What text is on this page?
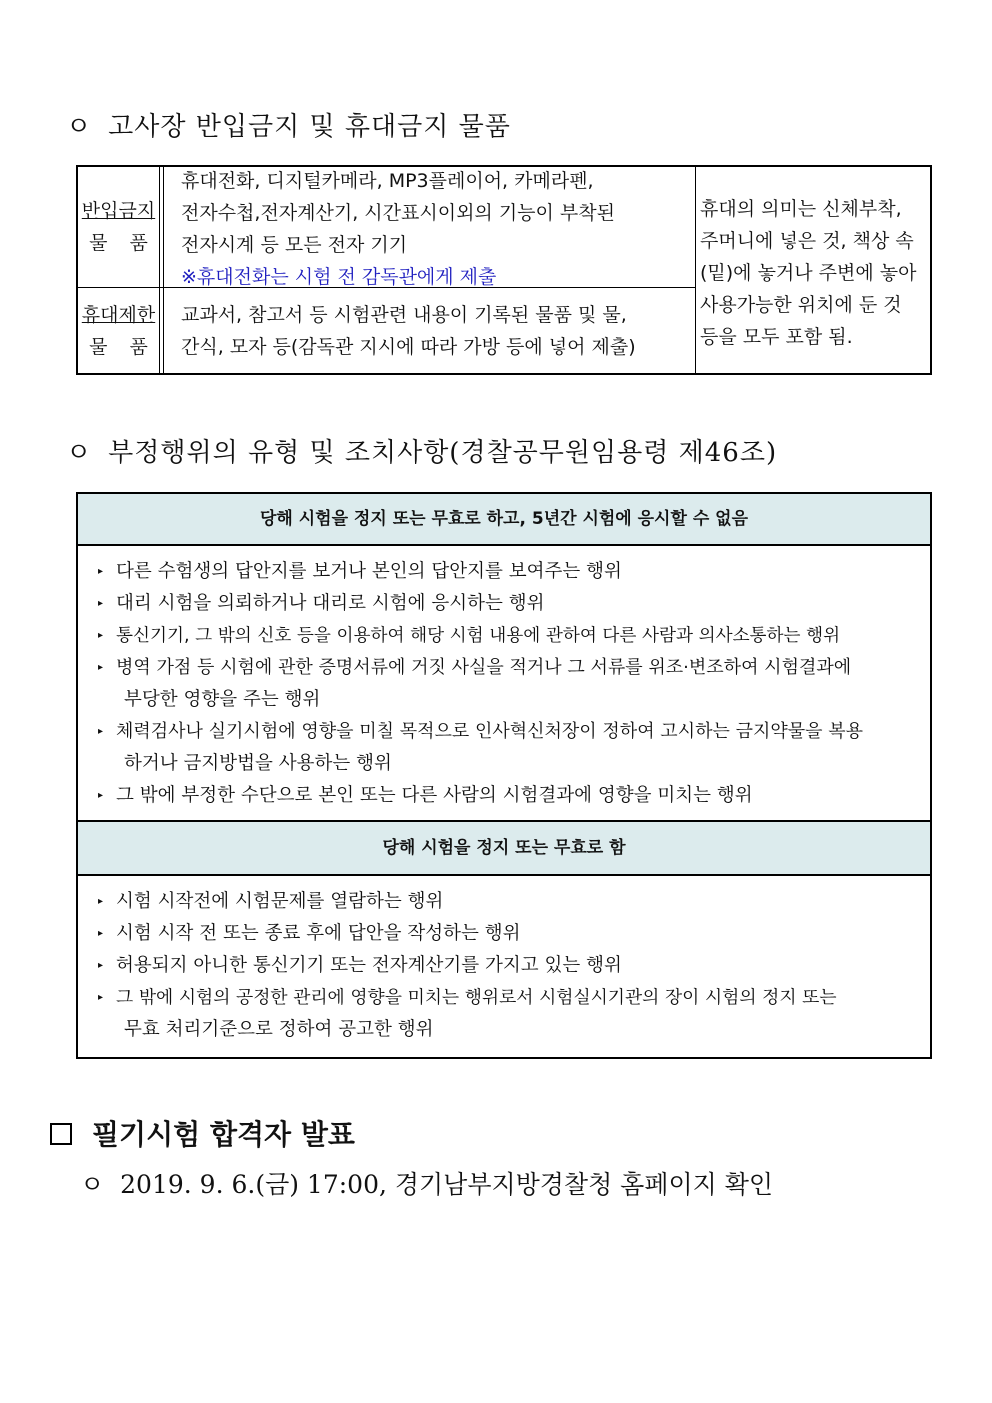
ㅇ 고사장 반입금지 및 휴대금지 물품
반입금지
물품
휴대전화, 디지털카메라, MP3플레이어, 카메라펜,
전자수첩,전자계산기, 시간표시이외의 기능이 부착된
전자시계 등 모든 전자 기기
※휴대전화는 시험 전 감독관에게 제출
휴대제한
물품
교과서, 참고서 등 시험관련 내용이 기록된 물품 및 물,
간식, 모자 등(감독관 지시에 따라 가방 등에 넣어 제출)
휴대의 의미는 신체부착,
주머니에 넣은 것, 책상 속
(밑)에 놓거나 주변에 놓아
사용가능한 위치에 둔 것
등을 모두 포함 됨.
ㅇ 부정행위의 유형 및 조치사항(경찰공무원임용령 제46조)
당해 시험을 정지 또는 무효로 하고, 5년간 시험에 응시할 수 없음
▸ 다른 수험생의 답안지를 보거나 본인의 답안지를 보여주는 행위
▸ 대리 시험을 의뢰하거나 대리로 시험에 응시하는 행위
▸ 통신기기, 그 밖의 신호 등을 이용하여 해당 시험 내용에 관하여 다른 사람과 의사소통하는 행위
▸ 병역 가점 등 시험에 관한 증명서류에 거짓 사실을 적거나 그 서류를 위조·변조하여 시험결과에
부당한 영향을 주는 행위
▸ 체력검사나 실기시험에 영향을 미칠 목적으로 인사혁신처장이 정하여 고시하는 금지약물을 복용
하거나 금지방법을 사용하는 행위
▸ 그 밖에 부정한 수단으로 본인 또는 다른 사람의 시험결과에 영향을 미치는 행위
당해 시험을 정지 또는 무효로 함
▸ 시험 시작전에 시험문제를 열람하는 행위
▸ 시험 시작 전 또는 종료 후에 답안을 작성하는 행위
▸ 허용되지 아니한 통신기기 또는 전자계산기를 가지고 있는 행위
▸ 그 밖에 시험의 공정한 관리에 영향을 미치는 행위로서 시험실시기관의 장이 시험의 정지 또는
무효 처리기준으로 정하여 공고한 행위
필기시험 합격자 발표
ㅇ 2019. 9. 6.(금) 17:00, 경기남부지방경찰청 홈페이지 확인
